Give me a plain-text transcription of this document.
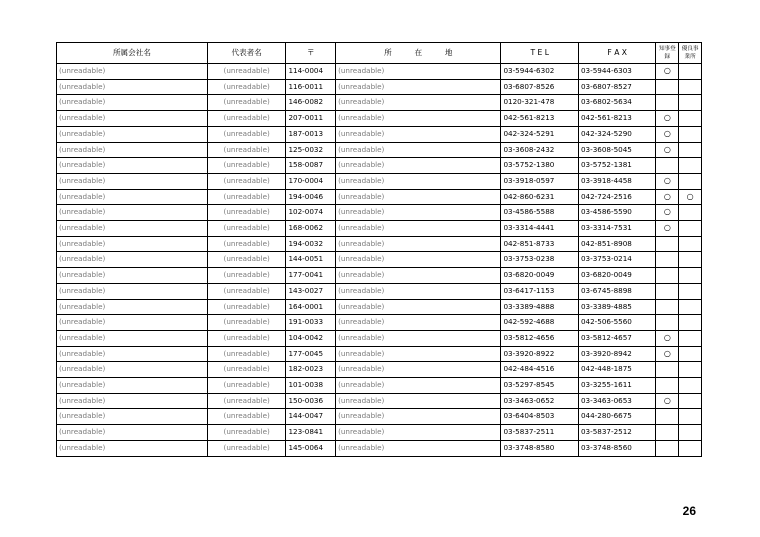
所属会社名	代表者名	〒	所　　　在　　　地	T E L	F A X	知事登録	優良事業所
(unreadable)	(unreadable)	114-0004	(unreadable)	03-5944-6302	03-5944-6303	○	
(unreadable)	(unreadable)	116-0011	(unreadable)	03-6807-8526	03-6807-8527		
(unreadable)	(unreadable)	146-0082	(unreadable)	0120-321-478	03-6802-5634		
(unreadable)	(unreadable)	207-0011	(unreadable)	042-561-8213	042-561-8213	○	
(unreadable)	(unreadable)	187-0013	(unreadable)	042-324-5291	042-324-5290	○	
(unreadable)	(unreadable)	125-0032	(unreadable)	03-3608-2432	03-3608-5045	○	
(unreadable)	(unreadable)	158-0087	(unreadable)	03-5752-1380	03-5752-1381		
(unreadable)	(unreadable)	170-0004	(unreadable)	03-3918-0597	03-3918-4458	○	
(unreadable)	(unreadable)	194-0046	(unreadable)	042-860-6231	042-724-2516	○	○
(unreadable)	(unreadable)	102-0074	(unreadable)	03-4586-5588	03-4586-5590	○	
(unreadable)	(unreadable)	168-0062	(unreadable)	03-3314-4441	03-3314-7531	○	
(unreadable)	(unreadable)	194-0032	(unreadable)	042-851-8733	042-851-8908		
(unreadable)	(unreadable)	144-0051	(unreadable)	03-3753-0238	03-3753-0214		
(unreadable)	(unreadable)	177-0041	(unreadable)	03-6820-0049	03-6820-0049		
(unreadable)	(unreadable)	143-0027	(unreadable)	03-6417-1153	03-6745-8898		
(unreadable)	(unreadable)	164-0001	(unreadable)	03-3389-4888	03-3389-4885		
(unreadable)	(unreadable)	191-0033	(unreadable)	042-592-4688	042-506-5560		
(unreadable)	(unreadable)	104-0042	(unreadable)	03-5812-4656	03-5812-4657	○	
(unreadable)	(unreadable)	177-0045	(unreadable)	03-3920-8922	03-3920-8942	○	
(unreadable)	(unreadable)	182-0023	(unreadable)	042-484-4516	042-448-1875		
(unreadable)	(unreadable)	101-0038	(unreadable)	03-5297-8545	03-3255-1611		
(unreadable)	(unreadable)	150-0036	(unreadable)	03-3463-0652	03-3463-0653	○	
(unreadable)	(unreadable)	144-0047	(unreadable)	03-6404-8503	044-280-6675		
(unreadable)	(unreadable)	123-0841	(unreadable)	03-5837-2511	03-5837-2512		
(unreadable)	(unreadable)	145-0064	(unreadable)	03-3748-8580	03-3748-8560		
26
